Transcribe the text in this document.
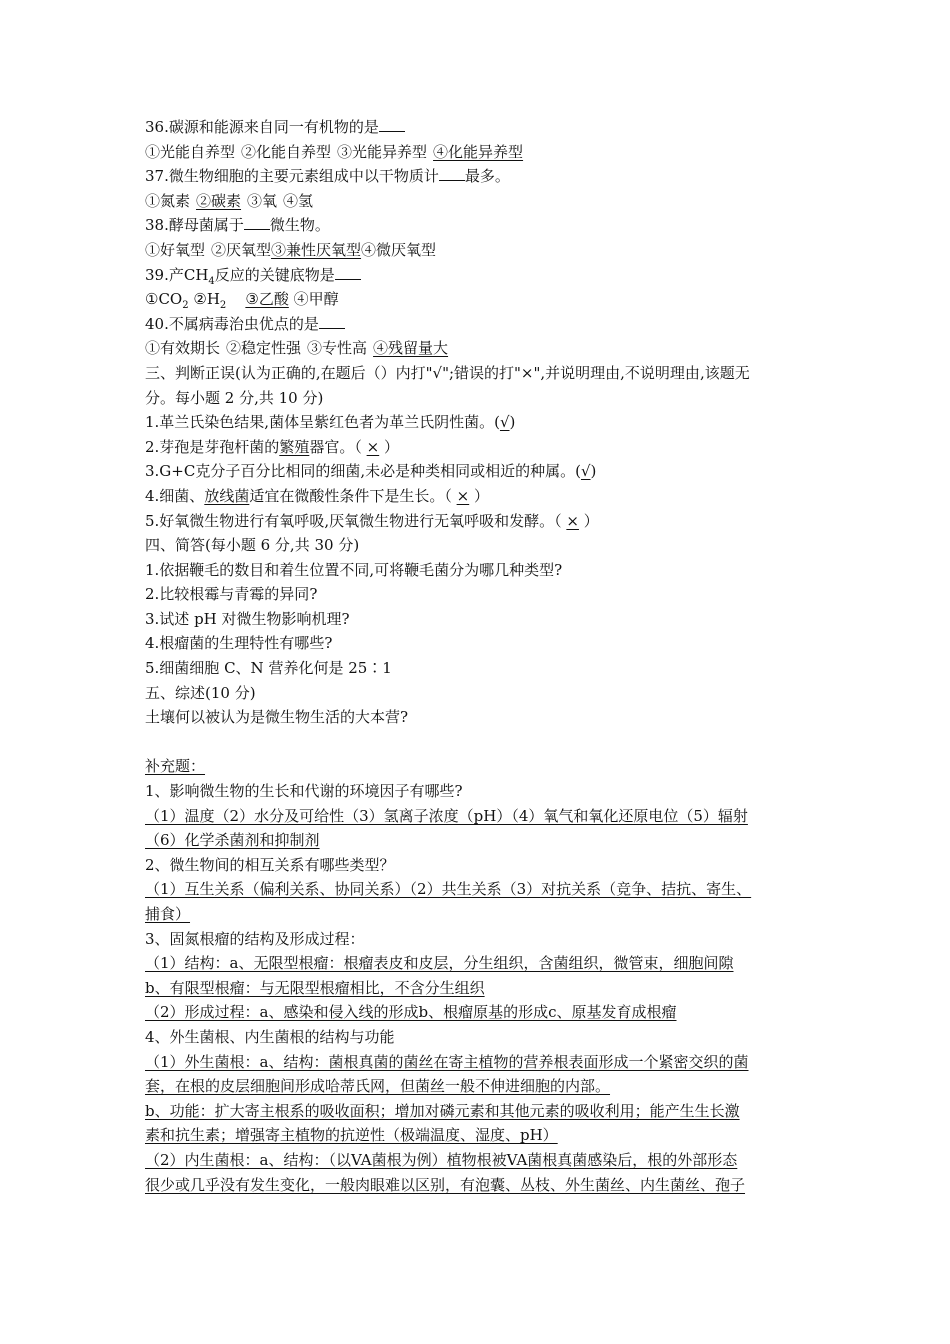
36.碳源和能源来自同一有机物的是
①光能自养型 ②化能自养型 ③光能异养型 ④化能异养型
37.微生物细胞的主要元素组成中以干物质计 最多。
①氮素 ②碳素 ③氧 ④氢
38.酵母菌属于 微生物。
①好氧型 ②厌氧型③兼性厌氧型④微厌氧型
39.产$CH_4$反应的关键底物是
$①CO_2$ $②H_2$ ③乙酸 ④甲醇
40.不属病毒治虫优点的是
①有效期长 ②稳定性强 ③专性高 ④残留量大
三、判断正误(认为正确的,在题后（）内打"√";错误的打"×",并说明理由,不说明理由,该题无
分。每小题 2 分,共 10 分)
1.革兰氏染色结果,菌体呈紫红色者为革兰氏阴性菌。(√)
2.芽孢是芽孢杆菌的繁殖器官。（ × ）
3.G+C克分子百分比相同的细菌,未必是种类相同或相近的种属。(√)
4.细菌、放线菌适宜在微酸性条件下是生长。（ × ）
5.好氧微生物进行有氧呼吸,厌氧微生物进行无氧呼吸和发酵。（ × ）
四、简答(每小题 6 分,共 30 分)
1.依据鞭毛的数目和着生位置不同,可将鞭毛菌分为哪几种类型?
2.比较根霉与青霉的异同?
3.试述 pH 对微生物影响机理?
4.根瘤菌的生理特性有哪些?
5.细菌细胞 C、N 营养化何是 25∶1
五、综述(10 分)
土壤何以被认为是微生物生活的大本营?
补充题：
1、影响微生物的生长和代谢的环境因子有哪些?
（1）温度（2）水分及可给性（3）氢离子浓度（pH）（4）氧气和氧化还原电位（5）辐射
（6）化学杀菌剂和抑制剂
2、微生物间的相互关系有哪些类型？
（1）互生关系（偏利关系、协同关系）（2）共生关系（3）对抗关系（竞争、拮抗、寄生、
捕食）
3、固氮根瘤的结构及形成过程：
（1）结构：a、无限型根瘤：根瘤表皮和皮层，分生组织，含菌组织，微管束，细胞间隙
b、有限型根瘤：与无限型根瘤相比，不含分生组织
（2）形成过程：a、感染和侵入线的形成b、根瘤原基的形成c、原基发育成根瘤
4、外生菌根、内生菌根的结构与功能
（1）外生菌根：a、结构：菌根真菌的菌丝在寄主植物的营养根表面形成一个紧密交织的菌
套，在根的皮层细胞间形成哈蒂氏网，但菌丝一般不伸进细胞的内部。
b、功能：扩大寄主根系的吸收面积；增加对磷元素和其他元素的吸收利用；能产生生长激
素和抗生素；增强寄主植物的抗逆性（极端温度、湿度、pH）
（2）内生菌根：a、结构：（以VA菌根为例）植物根被VA菌根真菌感染后，根的外部形态
很少或几乎没有发生变化，一般肉眼难以区别，有泡囊、丛枝、外生菌丝、内生菌丝、孢子
